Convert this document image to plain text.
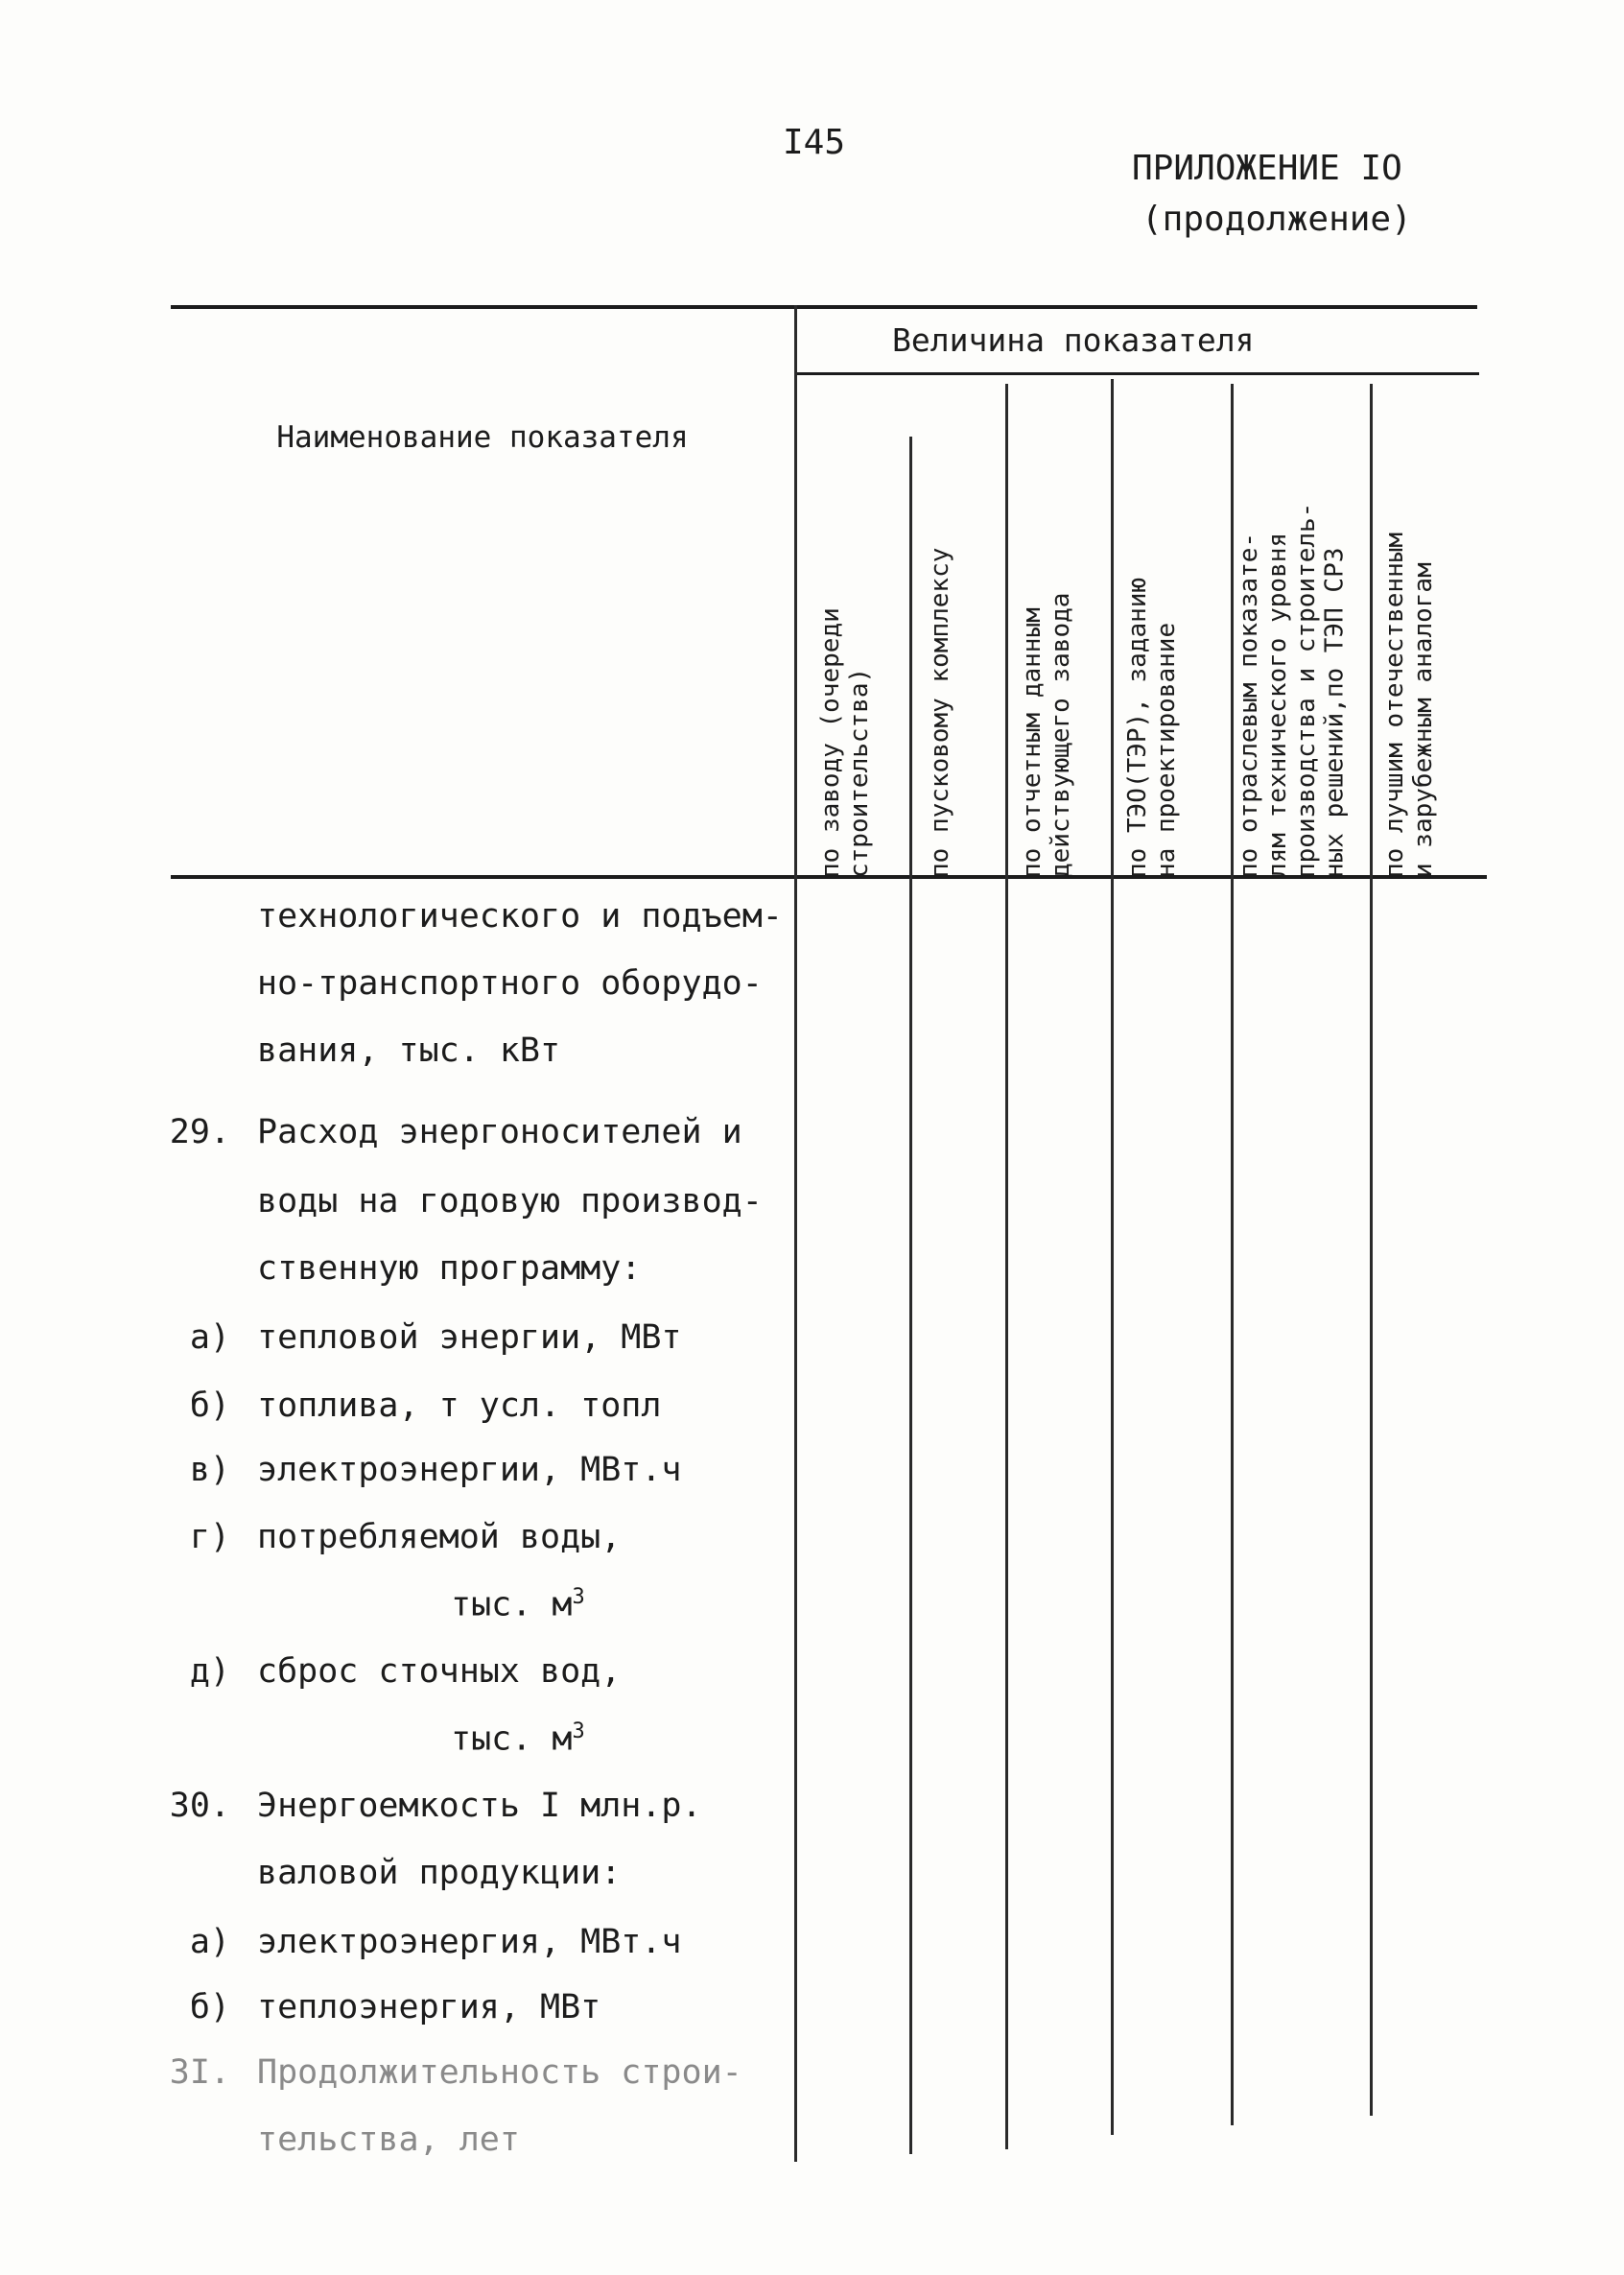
I45
ПРИЛОЖЕНИЕ IО
(продолжение)
Величина показателя
Наименование показателя
по заводу (очереди
строительства) по пусковому комплексу	по отчетным данным
действующего завода
по ТЭО(ТЭР), заданию
на проектирование
по отраслевым показате-
лям технического уровня
производства и строитель-
ных решений,по ТЭП СРЗ
по лучшим отечественным
и зарубежным аналогам
технологического и подъем-
но-транспортного оборудо-
вания, тыс. кВт
29. Расход энергоносителей и
воды на годовую производ-
ственную программу:
а) тепловой энергии, МВт
б) топлива, т усл. топл
в) электроэнергии, МВт.ч
г) потребляемой воды,
тыс. $м^3$
д) сброс сточных вод,
тыс. $м^3$
30. Энергоемкость I млн.р.
валовой продукции:
а) электроэнергия, МВт.ч
б) теплоэнергия, МВт
3I. Продолжительность строи-
тельства, лет
